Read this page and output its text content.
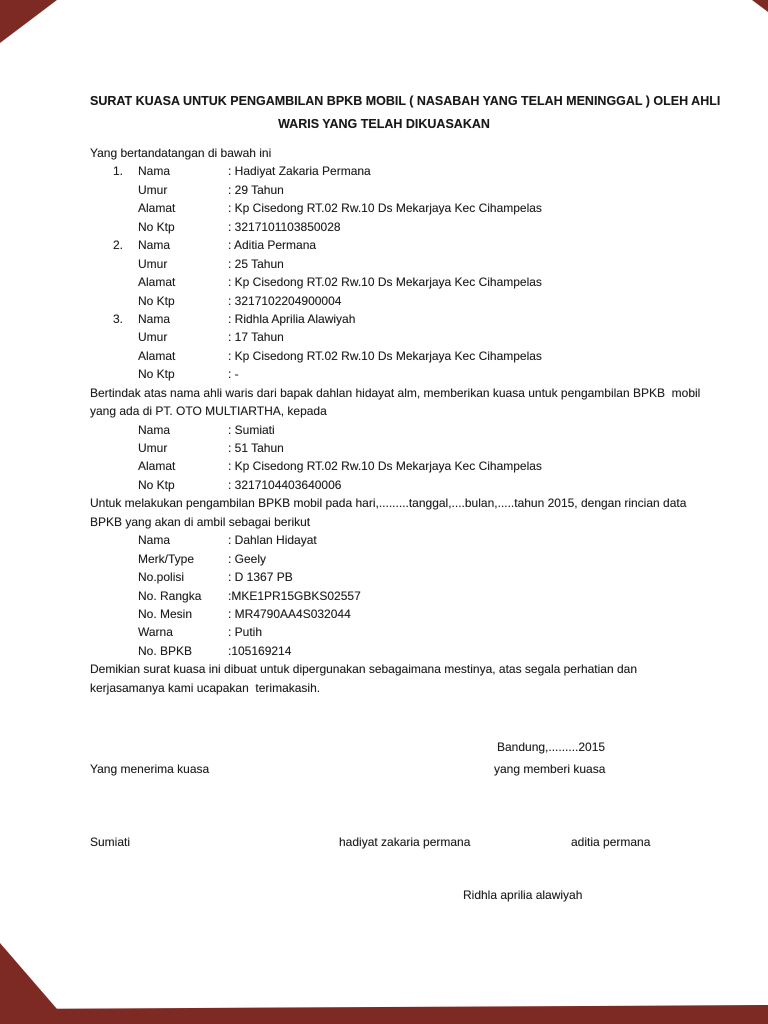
SURAT KUASA UNTUK PENGAMBILAN BPKB MOBIL ( NASABAH YANG TELAH MENINGGAL ) OLEH AHLI
WARIS YANG TELAH DIKUASAKAN
Yang bertandatangan di bawah ini

1.

Nama

	: Hadiyat Zakaria Permana

Umur

	: 29 Tahun

Alamat

	: Kp Cisedong RT.02 Rw.10 Ds Mekarjaya Kec Cihampelas

No Ktp

	: 3217101103850028

2.

Nama

	: Aditia Permana

Umur

	: 25 Tahun

Alamat

	: Kp Cisedong RT.02 Rw.10 Ds Mekarjaya Kec Cihampelas

No Ktp

	: 3217102204900004

3.

Nama

	: Ridhla Aprilia Alawiyah

Umur

	: 17 Tahun

Alamat

	: Kp Cisedong RT.02 Rw.10 Ds Mekarjaya Kec Cihampelas

No Ktp

	: -

Bertindak atas nama ahli waris dari bapak dahlan hidayat alm, memberikan kuasa untuk pengambilan BPKB  mobil
yang ada di PT. OTO MULTIARTHA, kepada

Nama

	: Sumiati

Umur

	: 51 Tahun

Alamat

	: Kp Cisedong RT.02 Rw.10 Ds Mekarjaya Kec Cihampelas

No Ktp

	: 3217104403640006

Untuk melakukan pengambilan BPKB mobil pada hari,.........tanggal,....bulan,.....tahun 2015, dengan rincian data
BPKB yang akan di ambil sebagai berikut

Nama

	: Dahlan Hidayat

Merk/Type

	: Geely

No.polisi

	: D 1367 PB

No. Rangka

:MKE1PR15GBKS02557

No. Mesin

	: MR4790AA4S032044

Warna

	: Putih

No. BPKB

	:105169214

Demikian surat kuasa ini dibuat untuk dipergunakan sebagaimana mestinya, atas segala perhatian dan
kerjasamanya kami ucapakan  terimakasih.
Bandung,.........2015
Yang menerima kuasa	yang memberi kuasa
Sumiati	hadiyat zakaria permana	aditia permana
Ridhla aprilia alawiyah
